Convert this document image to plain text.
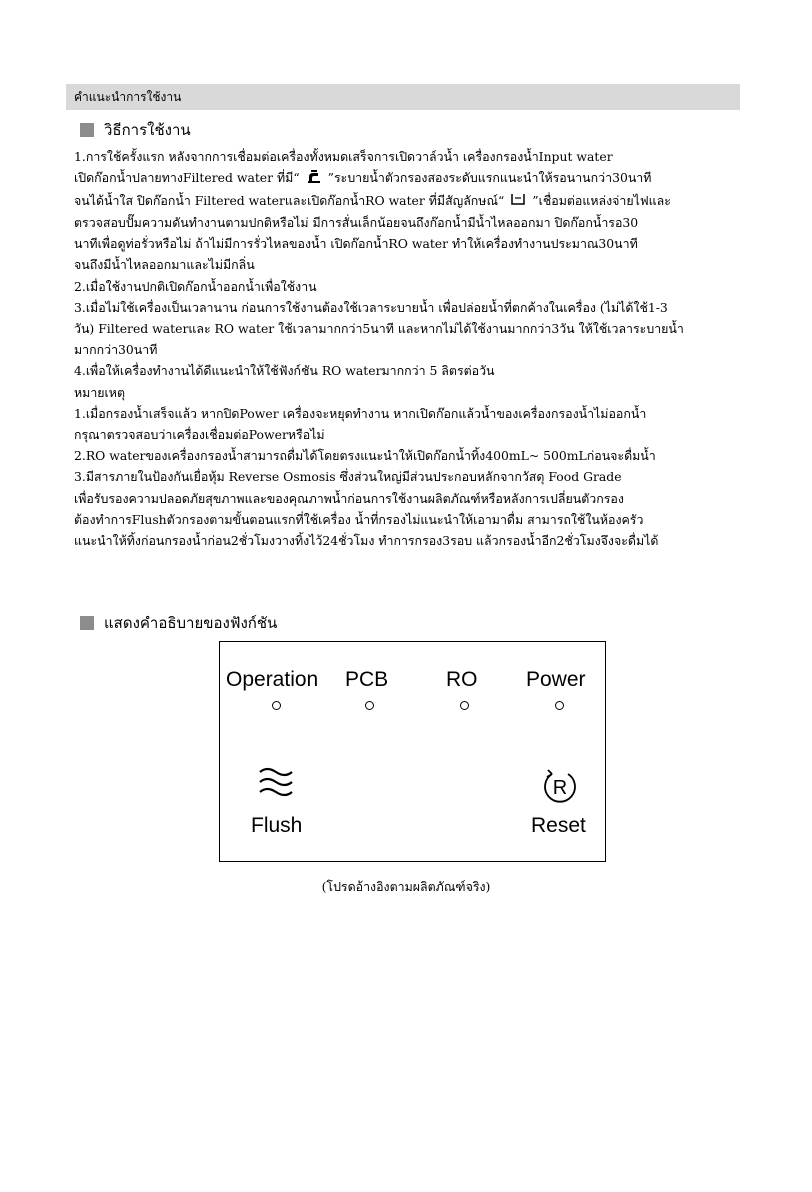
คำแนะนำการใช้งาน
วิธีการใช้งาน

1.การใช้ครั้งแรก หลังจากการเชื่อมต่อเครื่องทั้งหมดเสร็จการเปิดวาล์วน้ำ เครื่องกรองน้ำInput water

เปิดก๊อกน้ำปลายทางFiltered water ที่มี“ ”ระบายน้ำตัวกรองสองระดับแรกแนะนำให้รอนานกว่า30นาที

จนได้น้ำใส ปิดก๊อกน้ำ Filtered waterและเปิดก๊อกน้ำRO water ที่มีสัญลักษณ์“ ”เชื่อมต่อแหล่งจ่ายไฟและ

ตรวจสอบปั๊มความดันทำงานตามปกติหรือไม่ มีการสั่นเล็กน้อยจนถึงก๊อกน้ำมีน้ำไหลออกมา ปิดก๊อกน้ำรอ30

นาทีเพื่อดูท่อรั่วหรือไม่ ถ้าไม่มีการรั่วไหลของน้ำ เปิดก๊อกน้ำRO water ทำให้เครื่องทำงานประมาณ30นาที

จนถึงมีน้ำไหลออกมาและไม่มีกลิ่น

2.เมื่อใช้งานปกติเปิดก๊อกน้ำออกน้ำเพื่อใช้งาน

3.เมื่อไม่ใช้เครื่องเป็นเวลานาน ก่อนการใช้งานต้องใช้เวลาระบายน้ำ เพื่อปล่อยน้ำที่ตกค้างในเครื่อง (ไม่ได้ใช้1-3

วัน) Filtered waterและ RO water ใช้เวลามากกว่า5นาที และหากไม่ได้ใช้งานมากกว่า3วัน ให้ใช้เวลาระบายน้ำ

มากกว่า30นาที

4.เพื่อให้เครื่องทำงานได้ดีแนะนำให้ใช้ฟังก์ชัน RO waterมากกว่า 5 ลิตรต่อวัน

หมายเหตุ

1.เมื่อกรองน้ำเสร็จแล้ว หากปิดPower เครื่องจะหยุดทำงาน หากเปิดก๊อกแล้วน้ำของเครื่องกรองน้ำไม่ออกน้ำ

กรุณาตรวจสอบว่าเครื่องเชื่อมต่อPowerหรือไม่

2.RO waterของเครื่องกรองน้ำสามารถดื่มได้โดยตรงแนะนำให้เปิดก๊อกน้ำทิ้ง400mL~ 500mLก่อนจะดื่มน้ำ

3.มีสารภายในป้องกันเยื่อหุ้ม Reverse Osmosis ซึ่งส่วนใหญ่มีส่วนประกอบหลักจากวัสดุ Food Grade

เพื่อรับรองความปลอดภัยสุขภาพและของคุณภาพน้ำก่อนการใช้งานผลิตภัณฑ์หรือหลังการเปลี่ยนตัวกรอง

ต้องทำการFlushตัวกรองตามขั้นตอนแรกที่ใช้เครื่อง น้ำที่กรองไม่แนะนำให้เอามาดื่ม สามารถใช้ในห้องครัว

แนะนำให้ทิ้งก่อนกรองน้ำก่อน2ชั่วโมงวางทิ้งไว้24ชั่วโมง ทำการกรอง3รอบ แล้วกรองน้ำอีก2ชั่วโมงจึงจะดื่มได้

แสดงคำอธิบายของฟังก์ชัน
Operation PCB	RO Power
R
Flush	Reset
(โปรดอ้างอิงตามผลิตภัณฑ์จริง)
